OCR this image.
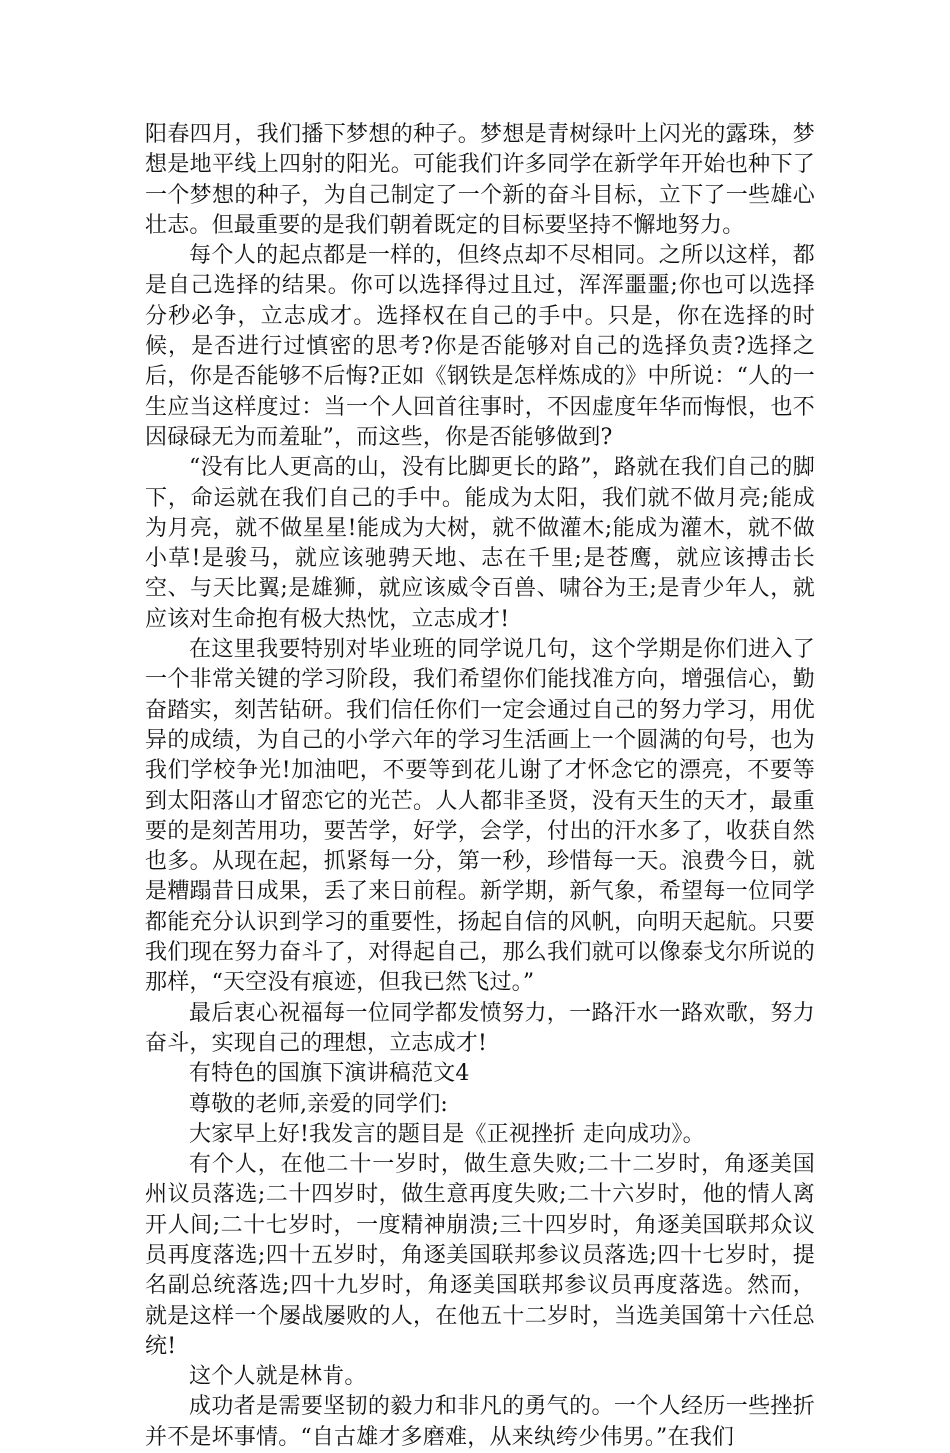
阳春四月，我们播下梦想的种子。梦想是青树绿叶上闪光的露珠，梦想是地平线上四射的阳光。可能我们许多同学在新学年开始也种下了一个梦想的种子，为自己制定了一个新的奋斗目标，立下了一些雄心壮志。但最重要的是我们朝着既定的目标要坚持不懈地努力。

每个人的起点都是一样的，但终点却不尽相同。之所以这样，都是自己选择的结果。你可以选择得过且过，浑浑噩噩;你也可以选择分秒必争，立志成才。选择权在自己的手中。只是，你在选择的时候，是否进行过慎密的思考?你是否能够对自己的选择负责?选择之后，你是否能够不后悔?正如《钢铁是怎样炼成的》中所说：“人的一生应当这样度过：当一个人回首往事时，不因虚度年华而悔恨，也不因碌碌无为而羞耻”，而这些，你是否能够做到?

“没有比人更高的山，没有比脚更长的路”，路就在我们自己的脚下，命运就在我们自己的手中。能成为太阳，我们就不做月亮;能成为月亮，就不做星星!能成为大树，就不做灌木;能成为灌木，就不做小草!是骏马，就应该驰骋天地、志在千里;是苍鹰，就应该搏击长空、与天比翼;是雄狮，就应该威令百兽、啸谷为王;是青少年人，就应该对生命抱有极大热忱，立志成才!

在这里我要特别对毕业班的同学说几句，这个学期是你们进入了一个非常关键的学习阶段，我们希望你们能找准方向，增强信心，勤奋踏实，刻苦钻研。我们信任你们一定会通过自己的努力学习，用优异的成绩，为自己的小学六年的学习生活画上一个圆满的句号，也为我们学校争光!加油吧，不要等到花儿谢了才怀念它的漂亮，不要等到太阳落山才留恋它的光芒。人人都非圣贤，没有天生的天才，最重要的是刻苦用功，要苦学，好学，会学，付出的汗水多了，收获自然也多。从现在起，抓紧每一分，第一秒，珍惜每一天。浪费今日，就是糟蹋昔日成果，丢了来日前程。新学期，新气象，希望每一位同学都能充分认识到学习的重要性，扬起自信的风帆，向明天起航。只要我们现在努力奋斗了，对得起自己，那么我们就可以像泰戈尔所说的那样，“天空没有痕迹，但我已然飞过。”

最后衷心祝福每一位同学都发愤努力，一路汗水一路欢歌，努力奋斗，实现自己的理想，立志成才!

有特色的国旗下演讲稿范文4

尊敬的老师,亲爱的同学们:

大家早上好!我发言的题目是《正视挫折 走向成功》。

有个人，在他二十一岁时，做生意失败;二十二岁时，角逐美国州议员落选;二十四岁时，做生意再度失败;二十六岁时，他的情人离开人间;二十七岁时，一度精神崩溃;三十四岁时，角逐美国联邦众议员再度落选;四十五岁时，角逐美国联邦参议员落选;四十七岁时，提名副总统落选;四十九岁时，角逐美国联邦参议员再度落选。然而，就是这样一个屡战屡败的人，在他五十二岁时，当选美国第十六任总统!

这个人就是林肯。

成功者是需要坚韧的毅力和非凡的勇气的。一个人经历一些挫折并不是坏事情。“自古雄才多磨难，从来纨绔少伟男。”在我们
